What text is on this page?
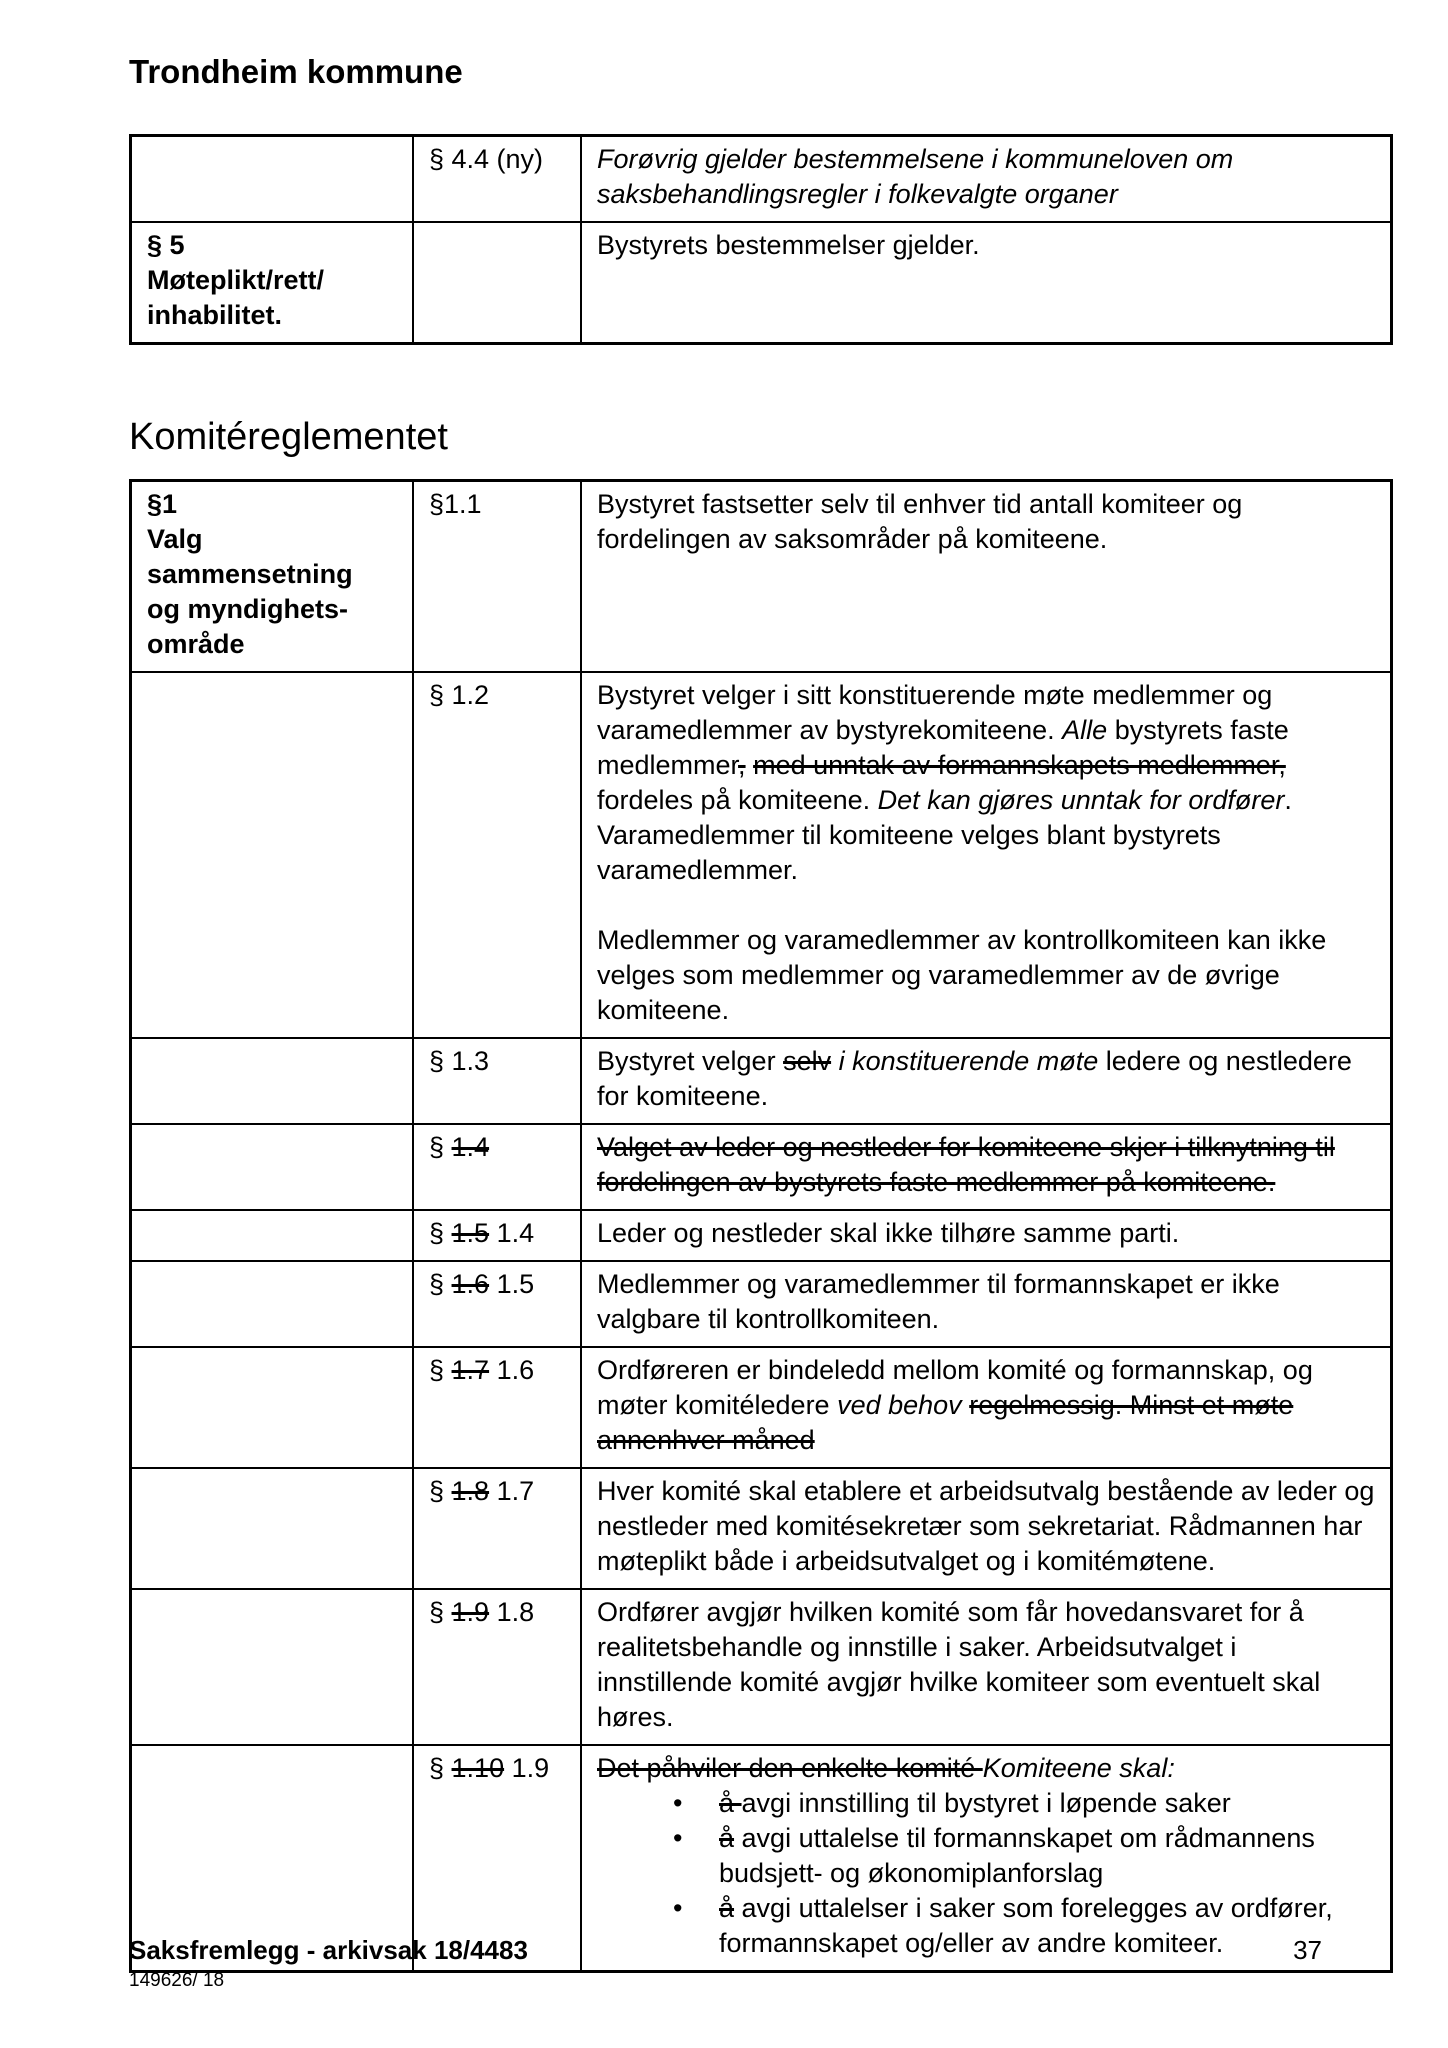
Trondheim kommune
	§ 4.4 (ny)	Forøvrig gjelder bestemmelsene i kommuneloven om saksbehandlingsregler i folkevalgte organer

§ 5
Møteplikt/rett/
inhabilitet.		Bystyrets bestemmelser gjelder.

Komitéreglementet
§1
Valg sammensetning
og myndighets-
område	§1.1	Bystyret fastsetter selv til enhver tid antall komiteer og fordelingen av saksområder på komiteene.

	§ 1.2	Bystyret velger i sitt konstituerende møte medlemmer og varamedlemmer av bystyrekomiteene. Alle bystyrets faste medlemmer, med unntak av formannskapets medlemmer, fordeles på komiteene. Det kan gjøres unntak for ordfører. Varamedlemmer til komiteene velges blant bystyrets varamedlemmer.

Medlemmer og varamedlemmer av kontrollkomiteen kan ikke velges som medlemmer og varamedlemmer av de øvrige komiteene.

	§ 1.3	Bystyret velger selv i konstituerende møte ledere og nestledere for komiteene.

	§ 1.4	Valget av leder og nestleder for komiteene skjer i tilknytning til fordelingen av bystyrets faste medlemmer på komiteene.

	§ 1.5 1.4	Leder og nestleder skal ikke tilhøre samme parti.

	§ 1.6 1.5	Medlemmer og varamedlemmer til formannskapet er ikke valgbare til kontrollkomiteen.

	§ 1.7 1.6	Ordføreren er bindeledd mellom komité og formannskap, og møter komitéledere ved behov regelmessig. Minst et møte annenhver måned

	§ 1.8 1.7	Hver komité skal etablere et arbeidsutvalg bestående av leder og nestleder med komitésekretær som sekretariat. Rådmannen har møteplikt både i arbeidsutvalget og i komitémøtene.

	§ 1.9 1.8	Ordfører avgjør hvilken komité som får hovedansvaret for å realitetsbehandle og innstille i saker. Arbeidsutvalget i innstillende komité avgjør hvilke komiteer som eventuelt skal høres.

	§ 1.10 1.9	Det påhviler den enkelte komité Komiteene skal:

• å avgi innstilling til bystyret i løpende saker
• å avgi uttalelse til formannskapet om rådmannens budsjett- og økonomiplanforslag
• å avgi uttalelser i saker som forelegges av ordfører, formannskapet og/eller av andre komiteer.
Saksfremlegg - arkivsak 18/4483
149626/ 18
37
